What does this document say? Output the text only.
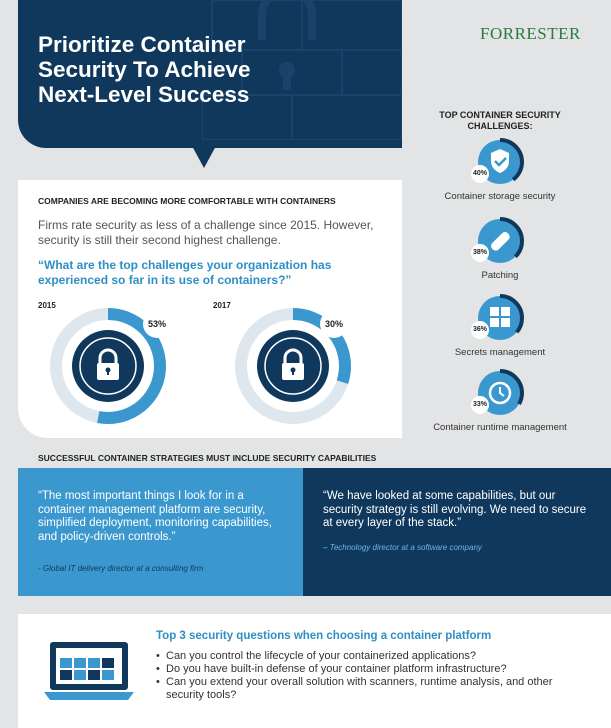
Prioritize Container Security To Achieve Next-Level Success
FORRESTER
TOP CONTAINER SECURITY CHALLENGES:
40%
Container storage security
38%
Patching
36%
Secrets management
33%
Container runtime management
COMPANIES ARE BECOMING MORE COMFORTABLE WITH CONTAINERS
Firms rate security as less of a challenge since 2015. However, security is still their second highest challenge.
“What are the top challenges your organization has experienced so far in its use of containers?”
2015
53%
2017
30%
SUCCESSFUL CONTAINER STRATEGIES MUST INCLUDE SECURITY CAPABILITIES
“The most important things I look for in a container management platform are security, simplified deployment, monitoring capabilities, and policy-driven controls.”
- Global IT delivery director at a consulting firm
“We have looked at some capabilities, but our security strategy is still evolving. We need to secure at every layer of the stack.”
– Technology director at a software company
Top 3 security questions when choosing a container platform
• Can you control the lifecycle of your containerized applications?
• Do you have built-in defense of your container platform infrastructure?
• Can you extend your overall solution with scanners, runtime analysis, and other security tools?
